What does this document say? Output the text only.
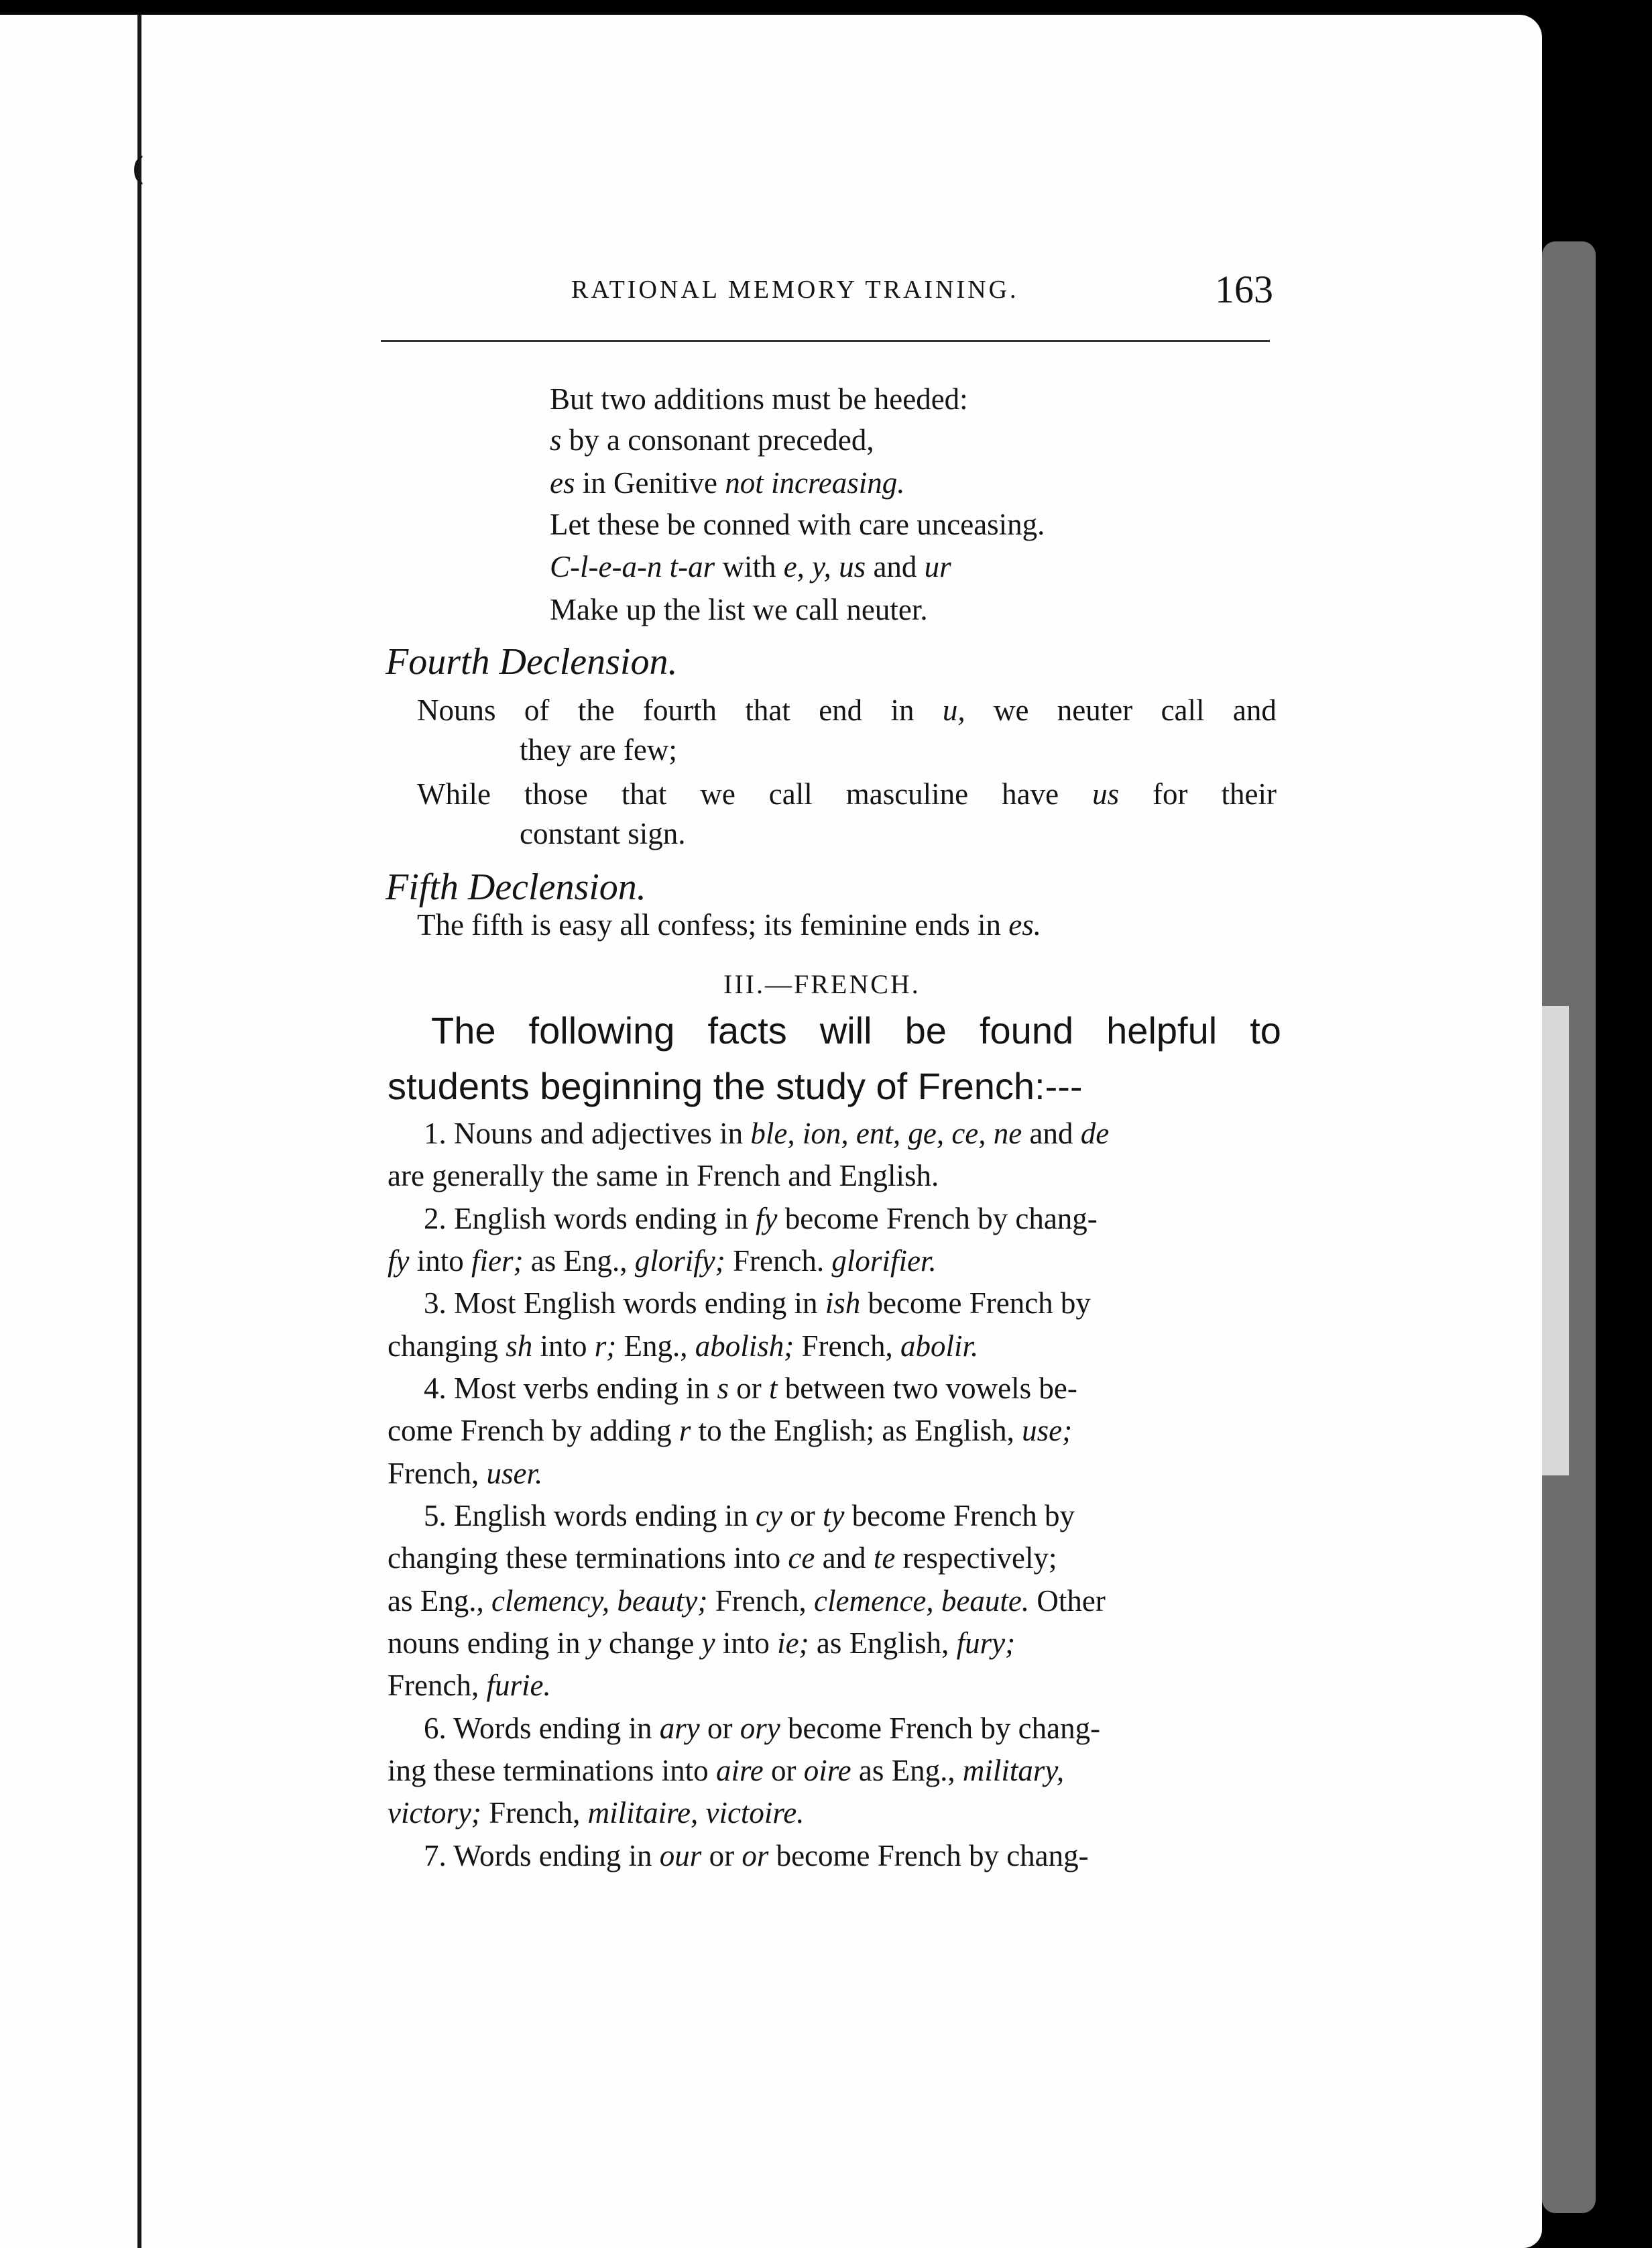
(
RATIONAL MEMORY TRAINING.	163
But two additions must be heeded:
s by a consonant preceded,
es in Genitive not increasing.
Let these be conned with care unceasing.
C-l-e-a-n t-ar with e, y, us and ur
Make up the list we call neuter.
Fourth Declension.
Nouns of the fourth that end in u, we neuter call and
they are few;
While those that we call masculine have us for their
constant sign.
Fifth Declension.
The fifth is easy all confess; its feminine ends in es.
III.—FRENCH.
The following facts will be found helpful to
students beginning the study of French:---
1. Nouns and adjectives in ble, ion, ent, ge, ce, ne and de
are generally the same in French and English.
2. English words ending in fy become French by chang-
fy into fier; as Eng., glorify; French. glorifier.
3. Most English words ending in ish become French by
changing sh into r; Eng., abolish; French, abolir.
4. Most verbs ending in s or t between two vowels be-
come French by adding r to the English; as English, use;
French, user.
5. English words ending in cy or ty become French by
changing these terminations into ce and te respectively;
as Eng., clemency, beauty; French, clemence, beaute. Other
nouns ending in y change y into ie; as English, fury;
French, furie.
6. Words ending in ary or ory become French by chang-
ing these terminations into aire or oire as Eng., military,
victory; French, militaire, victoire.
7. Words ending in our or or become French by chang-
